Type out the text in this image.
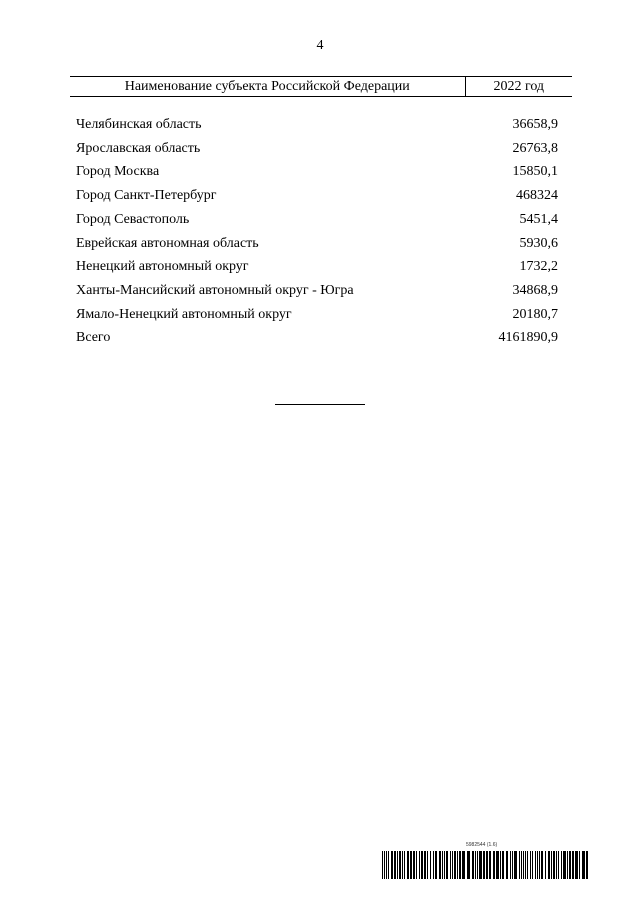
4
Наименование субъекта Российской Федерации	2022 год

Челябинская область	36658,9
Ярославская область	26763,8
Город Москва	15850,1
Город Санкт-Петербург	468324
Город Севастополь	5451,4
Еврейская автономная область	5930,6
Ненецкий автономный округ	1732,2
Ханты-Мансийский автономный округ - Югра	34868,9
Ямало-Ненецкий автономный округ	20180,7
Всего	4161890,9
5982544 (1.6)
